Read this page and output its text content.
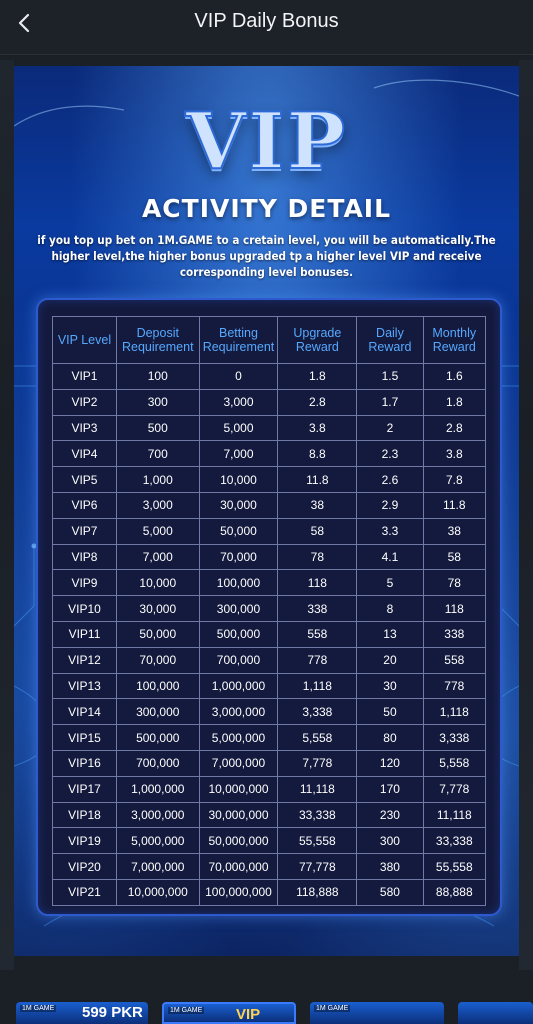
VIP Daily Bonus
VIP
ACTIVITY DETAIL
if you top up bet on 1M.GAME to a cretain level, you will be automatically.The higher level,the higher bonus upgraded tp a higher level VIP and receive corresponding level bonuses.
VIP Level	Deposit Requirement	Betting Requirement	Upgrade Reward	Daily Reward	Monthly Reward
VIP1	100	0	1.8	1.5	1.6
VIP2	300	3,000	2.8	1.7	1.8
VIP3	500	5,000	3.8	2	2.8
VIP4	700	7,000	8.8	2.3	3.8
VIP5	1,000	10,000	11.8	2.6	7.8
VIP6	3,000	30,000	38	2.9	11.8
VIP7	5,000	50,000	58	3.3	38
VIP8	7,000	70,000	78	4.1	58
VIP9	10,000	100,000	118	5	78
VIP10	30,000	300,000	338	8	118
VIP11	50,000	500,000	558	13	338
VIP12	70,000	700,000	778	20	558
VIP13	100,000	1,000,000	1,118	30	778
VIP14	300,000	3,000,000	3,338	50	1,118
VIP15	500,000	5,000,000	5,558	80	3,338
VIP16	700,000	7,000,000	7,778	120	5,558
VIP17	1,000,000	10,000,000	11,118	170	7,778
VIP18	3,000,000	30,000,000	33,338	230	11,118
VIP19	5,000,000	50,000,000	55,558	300	33,338
VIP20	7,000,000	70,000,000	77,778	380	55,558
VIP21	10,000,000	100,000,000	118,888	580	88,888
1M GAME 599 PKR	1M GAME VIP	1M GAME
